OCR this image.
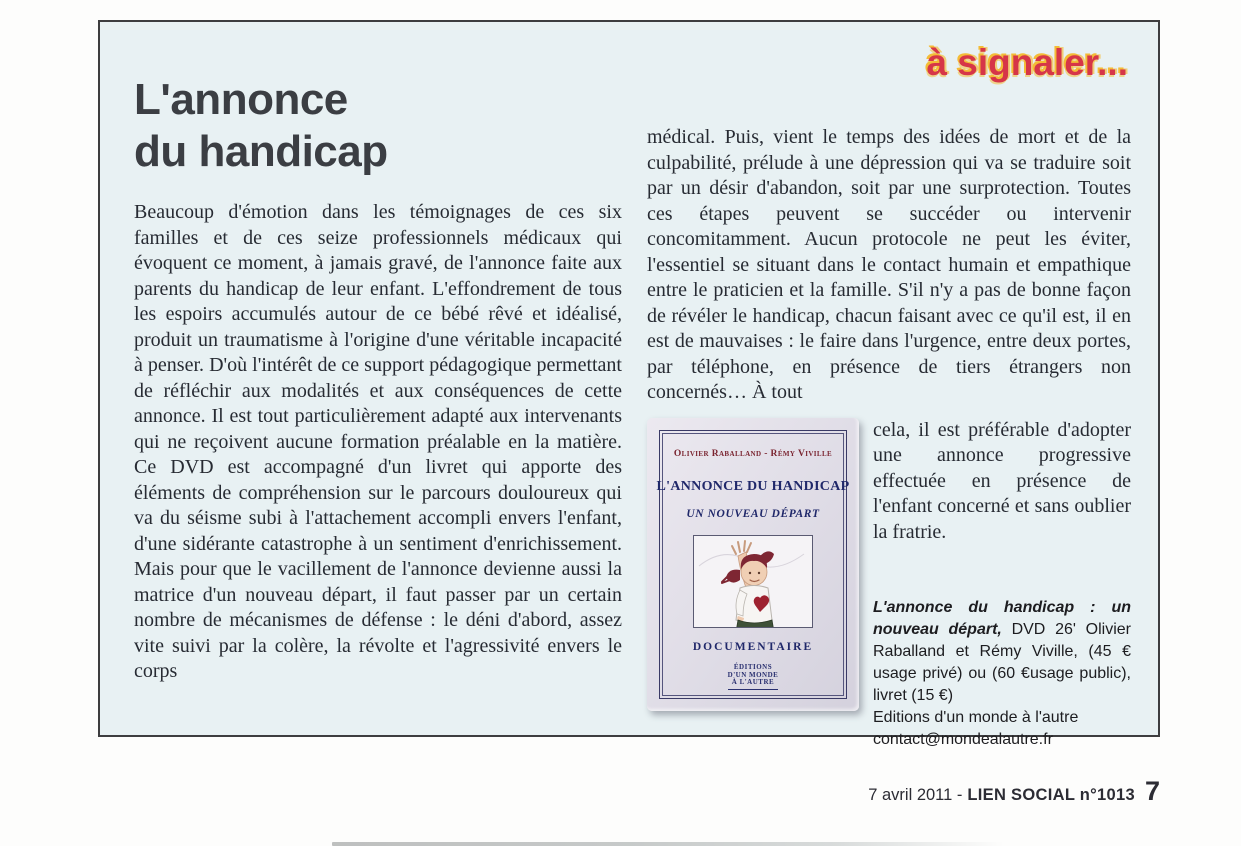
à signaler...
L'annonce
du handicap

Beaucoup d'émotion dans les témoignages de ces six familles et de ces seize professionnels médicaux qui évoquent ce moment, à jamais gravé, de l'annonce faite aux parents du handicap de leur enfant. L'effondrement de tous les espoirs accumulés autour de ce bébé rêvé et idéalisé, produit un traumatisme à l'origine d'une véritable incapacité à penser. D'où l'intérêt de ce support pédagogique permettant de réfléchir aux modalités et aux conséquences de cette annonce. Il est tout particulièrement adapté aux intervenants qui ne reçoivent aucune formation préalable en la matière. Ce DVD est accompagné d'un livret qui apporte des éléments de compréhension sur le parcours douloureux qui va du séisme subi à l'attachement accompli envers l'enfant, d'une sidérante catastrophe à un sentiment d'enrichissement. Mais pour que le vacillement de l'annonce devienne aussi la matrice d'un nouveau départ, il faut passer par un certain nombre de mécanismes de défense : le déni d'abord, assez vite suivi par la colère, la révolte et l'agressivité envers le corps

médical. Puis, vient le temps des idées de mort et de la culpabilité, prélude à une dépression qui va se traduire soit par un désir d'abandon, soit par une surprotection. Toutes ces étapes peuvent se succéder ou intervenir concomitamment. Aucun protocole ne peut les éviter, l'essentiel se situant dans le contact humain et empathique entre le praticien et la famille. S'il n'y a pas de bonne façon de révéler le handicap, chacun faisant avec ce qu'il est, il en est de mauvaises : le faire dans l'urgence, entre deux portes, par téléphone, en présence de tiers étrangers non concernés… À tout

Olivier Raballand - Rémy Viville
L'ANNONCE DU HANDICAP
UN NOUVEAU DÉPART
DOCUMENTAIRE
ÉDITIONS
D'UN MONDE
À L'AUTRE

cela, il est préférable d'adopter une annonce progressive effectuée en présence de l'enfant concerné et sans oublier la fratrie.

L'annonce du handicap : un nouveau départ, DVD 26' Olivier Raballand et Rémy Viville, (45 € usage privé) ou (60 €usage public), livret (15 €)

Editions d'un monde à l'autre

contact@mondealautre.fr

7 avril 2011 - LIEN SOCIAL n°1013 7
